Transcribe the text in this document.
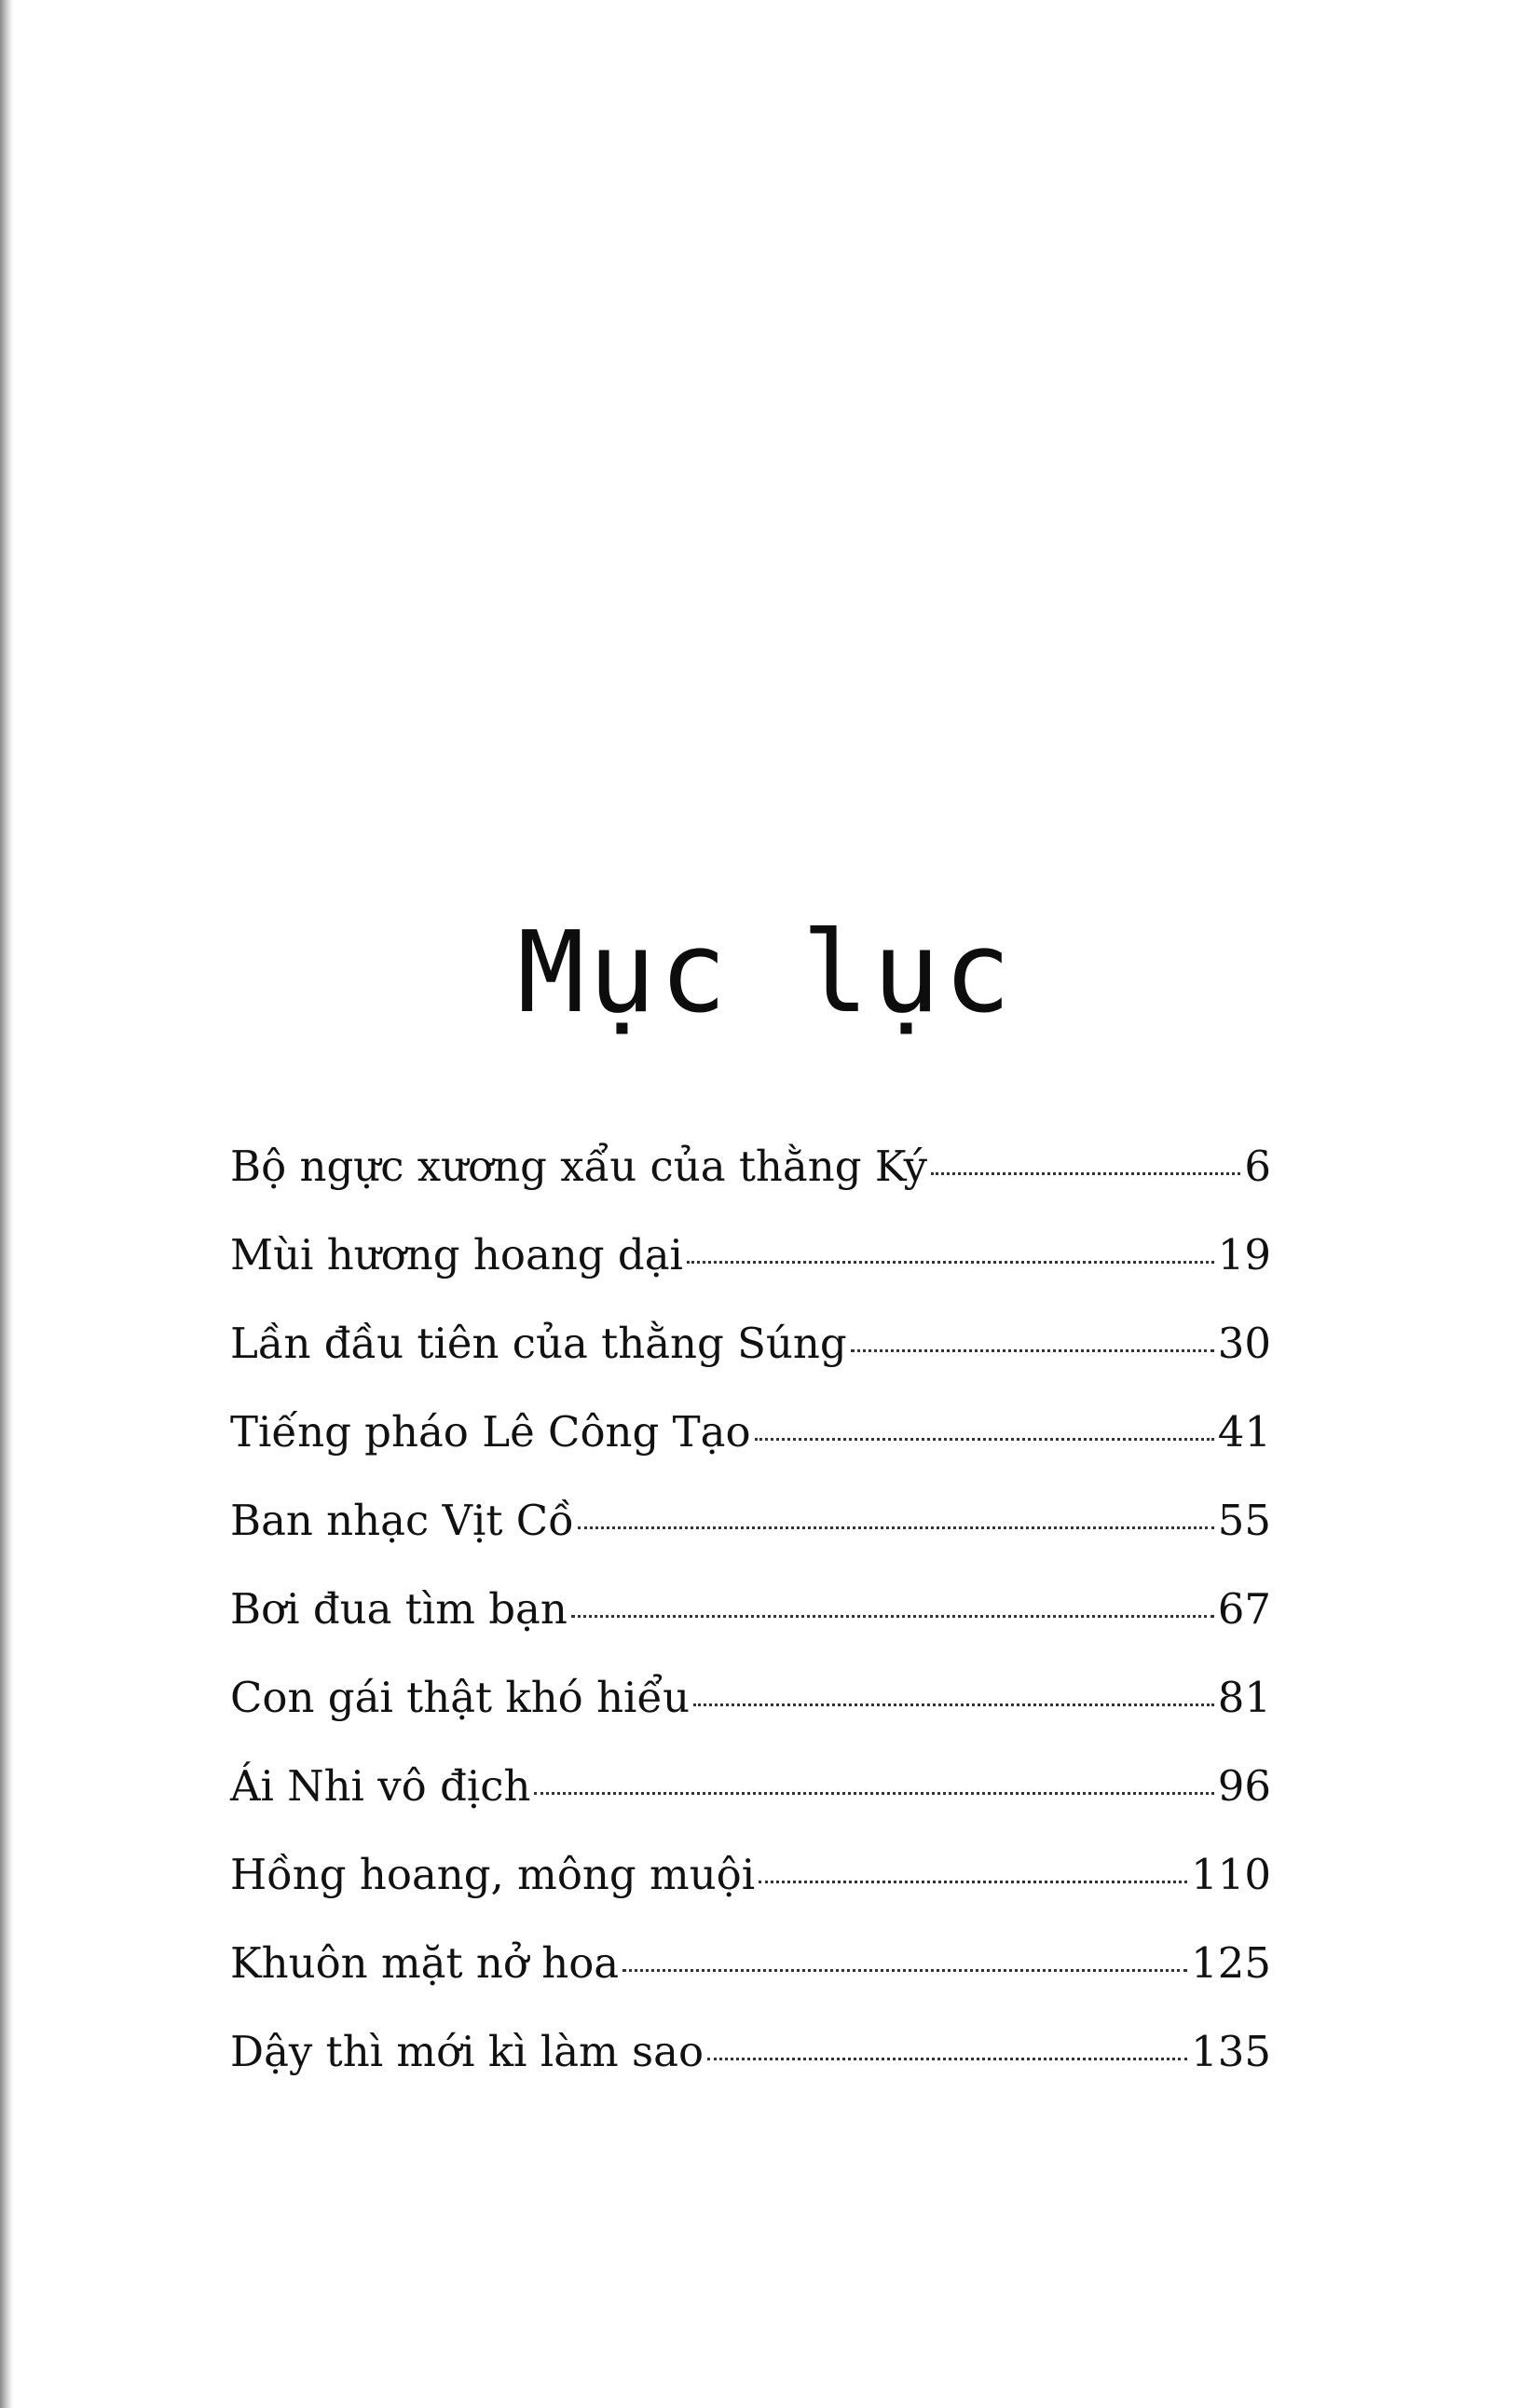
Mục lục
Bộ ngực xương xẩu của thằng Ký	6
Mùi hương hoang dại	19
Lần đầu tiên của thằng Súng	30
Tiếng pháo Lê Công Tạo	41
Ban nhạc Vịt Cồ	55
Bơi đua tìm bạn	67
Con gái thật khó hiểu	81
Ái Nhi vô địch	96
Hồng hoang, mông muội	110
Khuôn mặt nở hoa	125
Dậy thì mới kì làm sao	135
